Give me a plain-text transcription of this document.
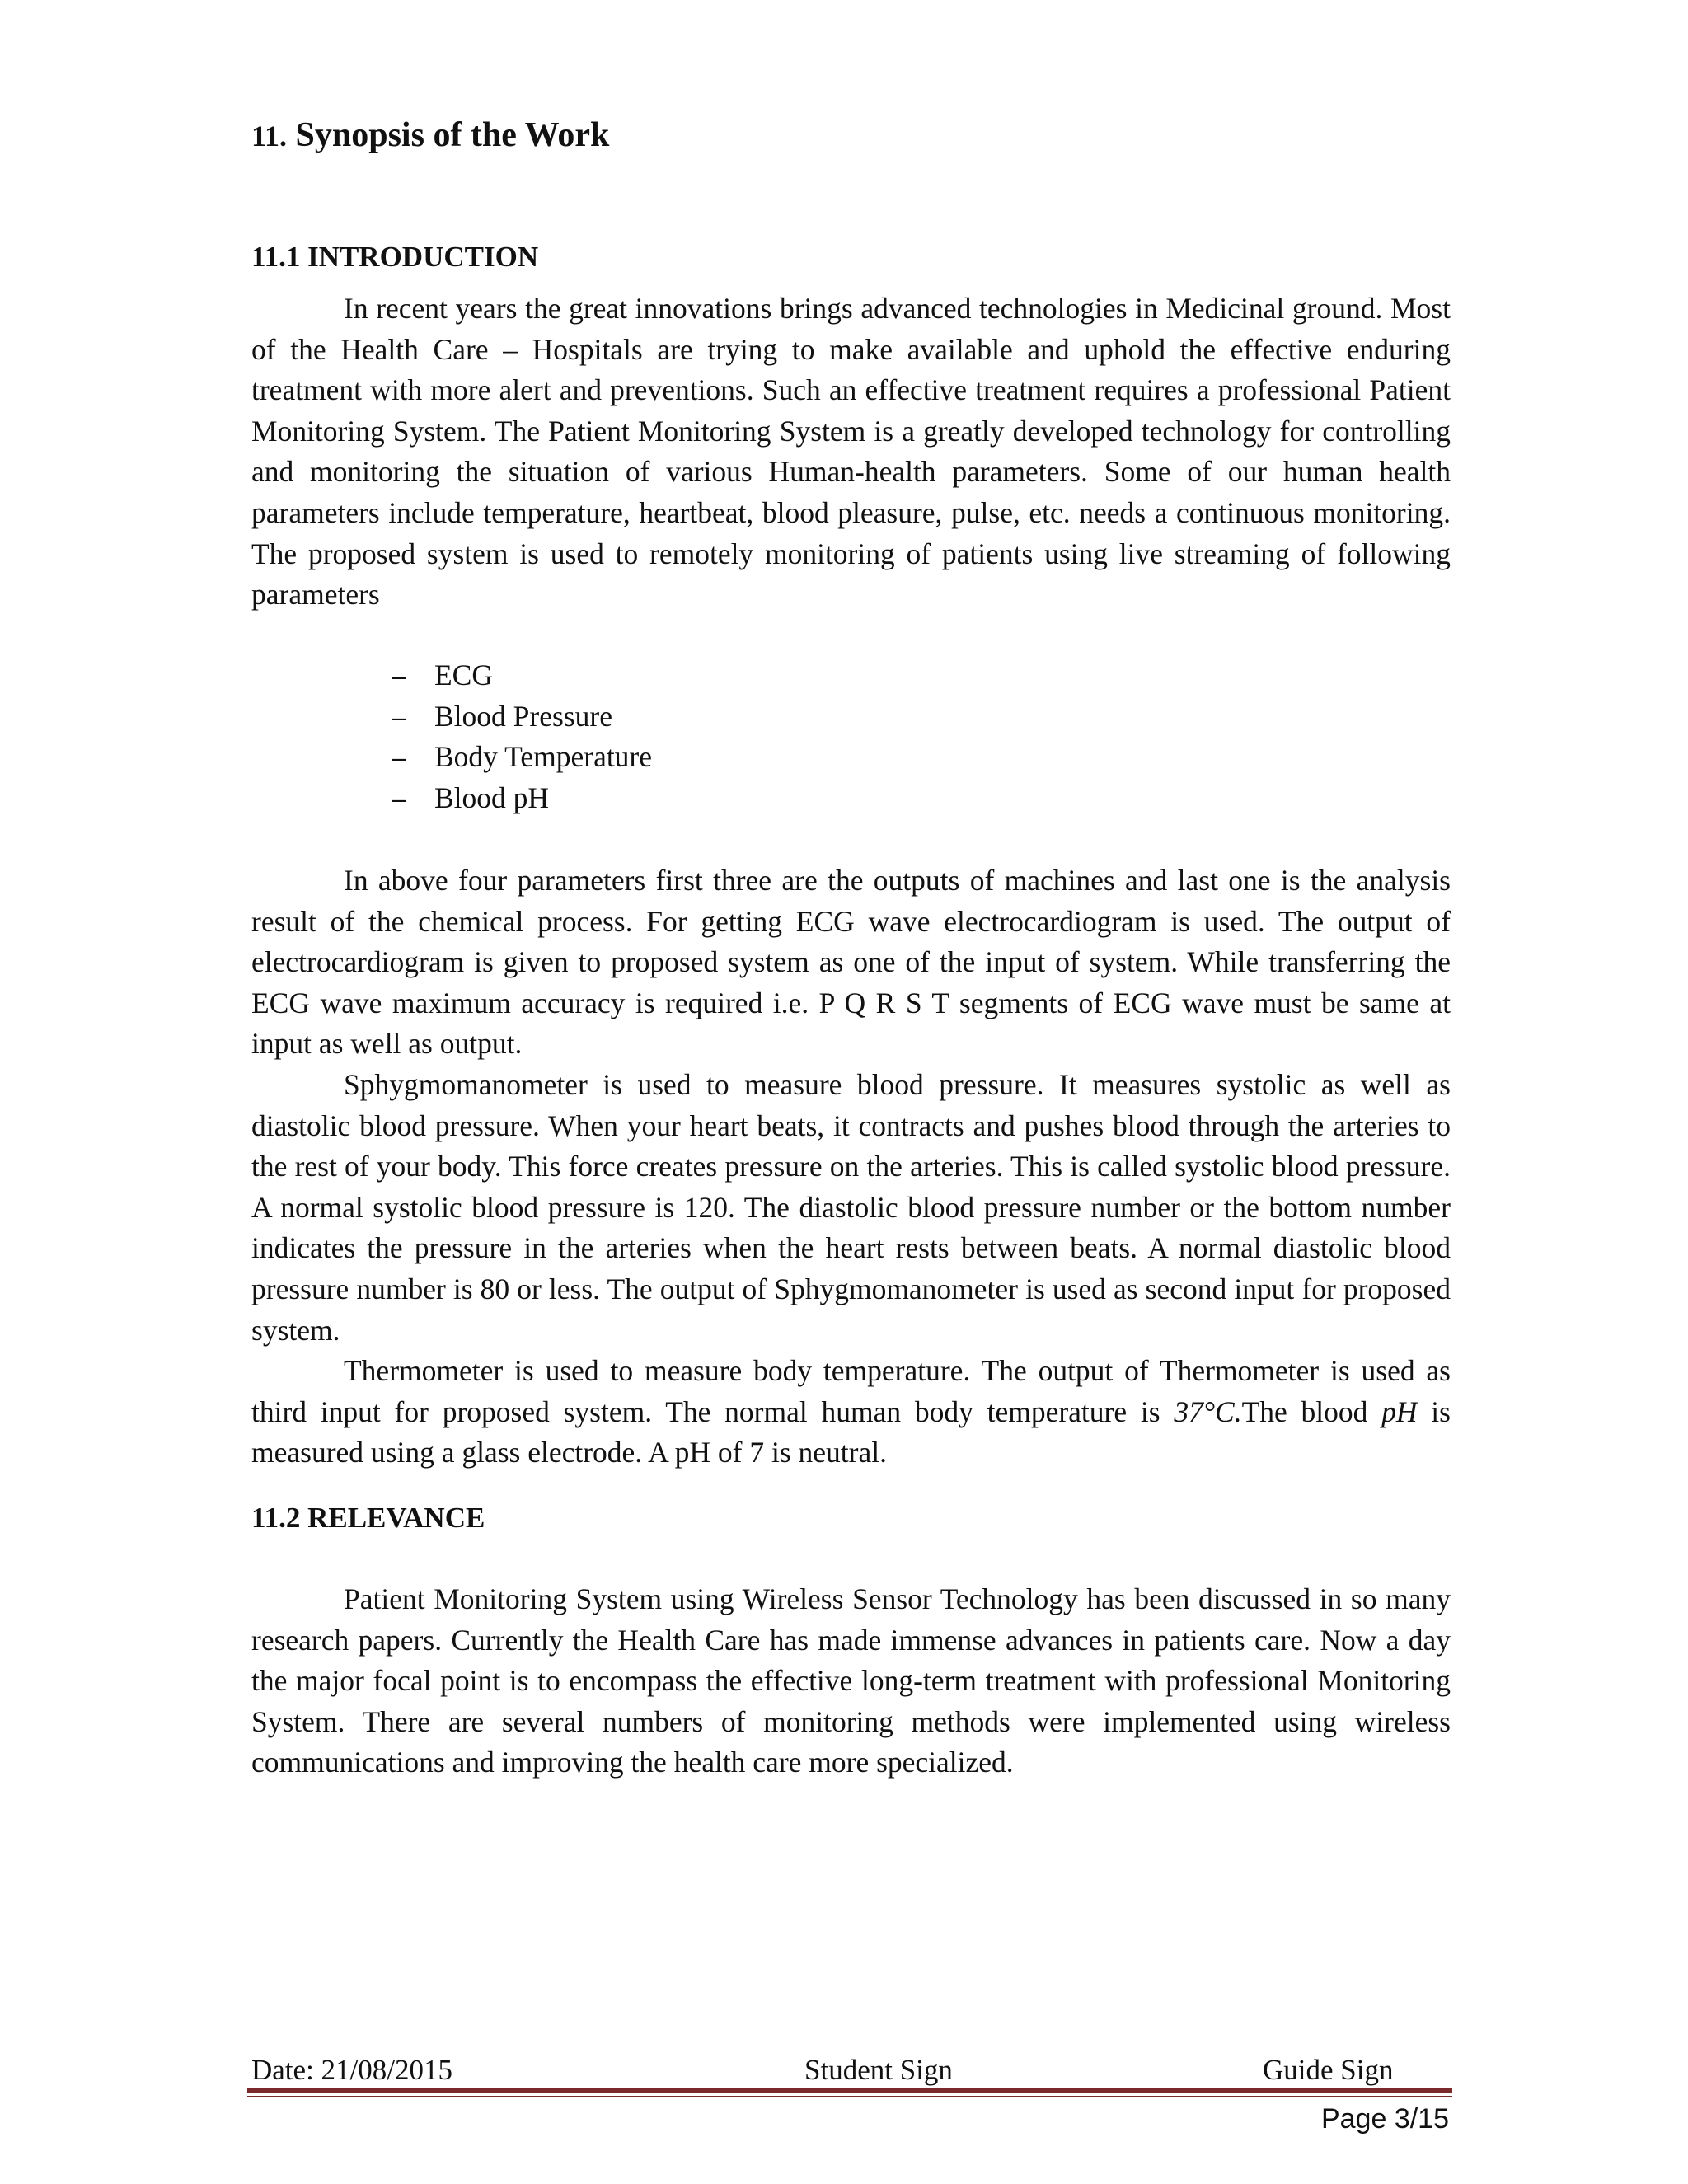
11. Synopsis of the Work
11.1 INTRODUCTION

In recent years the great innovations brings advanced technologies in Medicinal ground. Most of the Health Care – Hospitals are trying to make available and uphold the effective enduring treatment with more alert and preventions. Such an effective treatment requires a professional Patient Monitoring System. The Patient Monitoring System is a greatly developed technology for controlling and monitoring the situation of various Human-health parameters. Some of our human health parameters include temperature, heartbeat, blood pleasure, pulse, etc. needs a continuous monitoring. The proposed system is used to remotely monitoring of patients using live streaming of following parameters

– ECG
– Blood Pressure
– Body Temperature
– Blood pH

In above four parameters first three are the outputs of machines and last one is the analysis result of the chemical process. For getting ECG wave electrocardiogram is used. The output of electrocardiogram is given to proposed system as one of the input of system. While transferring the ECG wave maximum accuracy is required i.e. P Q R S T segments of ECG wave must be same at input as well as output.

Sphygmomanometer is used to measure blood pressure. It measures systolic as well as diastolic blood pressure. When your heart beats, it contracts and pushes blood through the arteries to the rest of your body. This force creates pressure on the arteries. This is called systolic blood pressure. A normal systolic blood pressure is 120. The diastolic blood pressure number or the bottom number indicates the pressure in the arteries when the heart rests between beats. A normal diastolic blood pressure number is 80 or less. The output of Sphygmomanometer is used as second input for proposed system.

Thermometer is used to measure body temperature. The output of Thermometer is used as third input for proposed system. The normal human body temperature is 37°C.The blood pH is measured using a glass electrode. A pH of 7 is neutral.

11.2 RELEVANCE

Patient Monitoring System using Wireless Sensor Technology has been discussed in so many research papers. Currently the Health Care has made immense advances in patients care. Now a day the major focal point is to encompass the effective long-term treatment with professional Monitoring System. There are several numbers of monitoring methods were implemented using wireless communications and improving the health care more specialized.

Date: 21/08/2015	Student Sign	Guide Sign
Page 3/15
